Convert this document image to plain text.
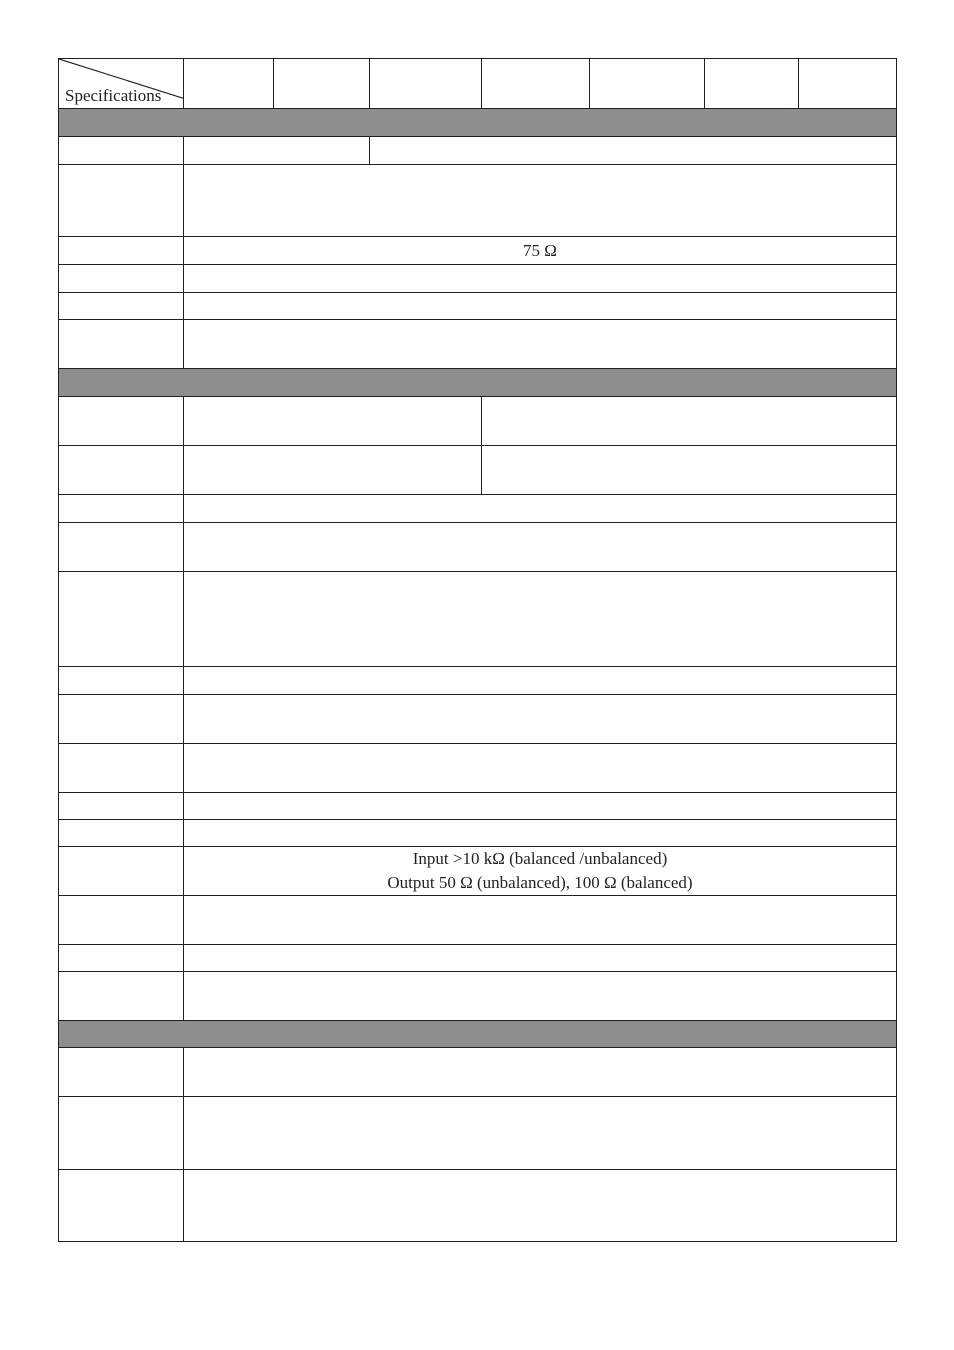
Specifications							

	75 Ω						

	Input >10 kΩ (balanced /unbalanced)
Output 50 Ω (unbalanced), 100 Ω (balanced)						
